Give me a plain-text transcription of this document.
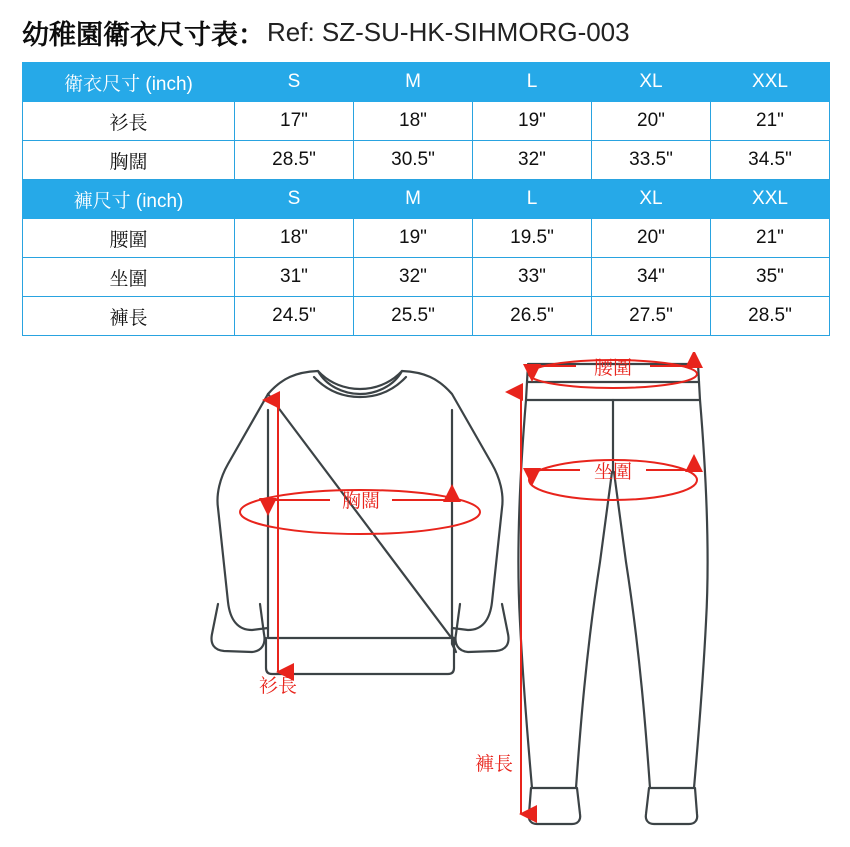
幼稚園衛衣尺寸表： Ref: SZ-SU-HK-SIHMORG-003
衛衣尺寸 (inch)	S	M	L	XL	XXL
衫長	17"	18"	19"	20"	21"
胸闊	28.5"	30.5"	32"	33.5"	34.5"
褲尺寸 (inch)	S	M	L	XL	XXL
腰圍	18"	19"	19.5"	20"	21"
坐圍	31"	32"	33"	34"	35"
褲長	24.5"	25.5"	26.5"	27.5"	28.5"
胸闊
衫長
腰圍
坐圍
褲長
